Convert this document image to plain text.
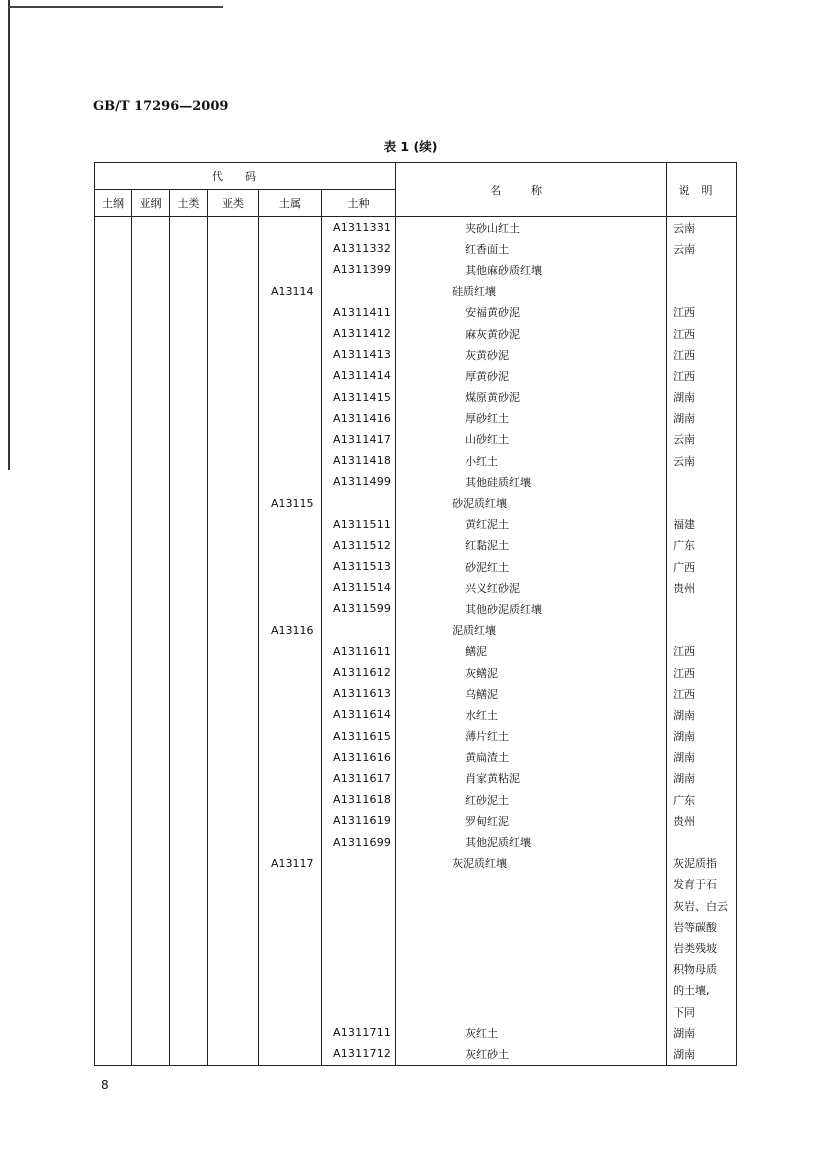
GB/T 17296—2009
表 1 (续)
代码						名称	说明
土纲	亚纲	土类	亚类	土属	土种		
					A1311331	夹砂山红土	云南
					A1311332	红香面土	云南
					A1311399	其他麻砂质红壤	
				A13114		硅质红壤	
					A1311411	安福黄砂泥	江西
					A1311412	麻灰黄砂泥	江西
					A1311413	灰黄砂泥	江西
					A1311414	厚黄砂泥	江西
					A1311415	煤原黄砂泥	湖南
					A1311416	厚砂红土	湖南
					A1311417	山砂红土	云南
					A1311418	小红土	云南
					A1311499	其他硅质红壤	
				A13115		砂泥质红壤	
					A1311511	黄红泥土	福建
					A1311512	红黏泥土	广东
					A1311513	砂泥红土	广西
					A1311514	兴义红砂泥	贵州
					A1311599	其他砂泥质红壤	
				A13116		泥质红壤	
					A1311611	鳝泥	江西
					A1311612	灰鳝泥	江西
					A1311613	乌鳝泥	江西
					A1311614	水红土	湖南
					A1311615	薄片红土	湖南
					A1311616	黄扁渣土	湖南
					A1311617	肖家黄粘泥	湖南
					A1311618	红砂泥土	广东
					A1311619	罗甸红泥	贵州
					A1311699	其他泥质红壤	
				A13117		灰泥质红壤	灰泥质指
							发育于石
							灰岩、白云
							岩等碳酸
							岩类残坡
							积物母质
							的土壤,
							下同
					A1311711	灰红土	湖南
					A1311712	灰红砂土	湖南
8
